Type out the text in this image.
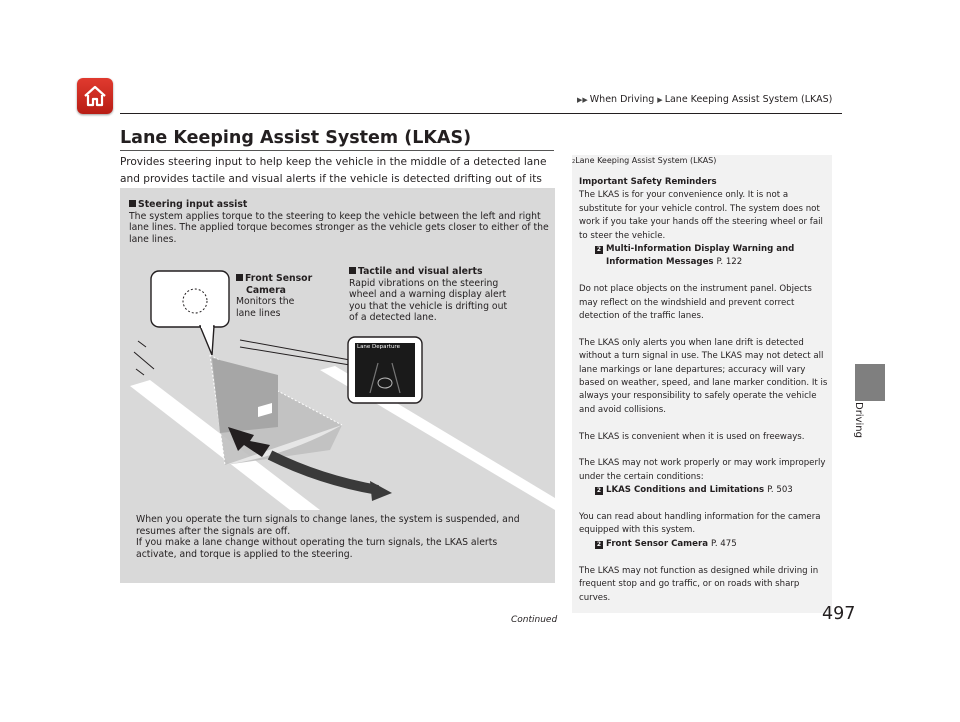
▶▶ When Driving ▶ Lane Keeping Assist System (LKAS)
Lane Keeping Assist System (LKAS)
Provides steering input to help keep the vehicle in the middle of a detected lane and provides tactile and visual alerts if the vehicle is detected drifting out of its
Steering input assist
The system applies torque to the steering to keep the vehicle between the left and right lane lines. The applied torque becomes stronger as the vehicle gets closer to either of the lane lines.
Lane Departure
Front Sensor
Camera
Monitors the
lane lines
Tactile and visual alerts
Rapid vibrations on the steering
wheel and a warning display alert
you that the vehicle is drifting out
of a detected lane.
When you operate the turn signals to change lanes, the system is suspended, and
resumes after the signals are off.
If you make a lane change without operating the turn signals, the LKAS alerts
activate, and torque is applied to the steering.
2Lane Keeping Assist System (LKAS)

Important Safety Reminders
The LKAS is for your convenience only. It is not a substitute for your vehicle control. The system does not work if you take your hands off the steering wheel or fail to steer the vehicle.
2 Multi-Information Display Warning and
Information Messages P. 122

Do not place objects on the instrument panel. Objects may reflect on the windshield and prevent correct detection of the traffic lanes.

The LKAS only alerts you when lane drift is detected without a turn signal in use. The LKAS may not detect all lane markings or lane departures; accuracy will vary based on weather, speed, and lane marker condition. It is always your responsibility to safely operate the vehicle and avoid collisions.

The LKAS is convenient when it is used on freeways.

The LKAS may not work properly or may work improperly under the certain conditions:
2 LKAS Conditions and Limitations P. 503

You can read about handling information for the camera equipped with this system.
2 Front Sensor Camera P. 475

The LKAS may not function as designed while driving in frequent stop and go traffic, or on roads with sharp curves.

Driving
Continued	497
